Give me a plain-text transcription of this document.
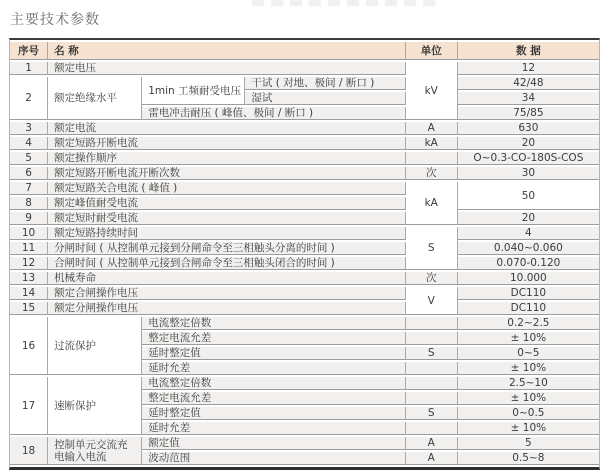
主要技术参数
序号	名 称			单位	数 据
1	额定电压			kV	12
2	额定绝缘水平	1min 工频耐受电压	干试 ( 对地、极间 / 断口 )		42/48
			湿试		34
		雷电冲击耐压 ( 峰值、极间 / 断口 )			75/85
3	额定电流			A	630
4	额定短路开断电流			kA	20
5	额定操作顺序				O~0.3-CO-180S-COS
6	额定短路开断电流开断次数			次	30
7	额定短路关合电流 ( 峰值 )			kA	50
8	额定峰值耐受电流				
9	额定短时耐受电流				20
10	额定短路持续时间			S	4
11	分闸时间 ( 从控制单元接到分闸命令至三相触头分离的时间 )				0.040~0.060
12	合闸时间 ( 从控制单元接到合闸命令至三相触头闭合的时间 )				0.070-0.120
13	机械寿命			次	10.000
14	额定合闸操作电压			V	DC110
15	额定分闸操作电压				DC110
16	过流保护	电流整定倍数			0.2~2.5
		整定电流允差			± 10%
		延时整定值		S	0~5
		延时允差			± 10%
17	速断保护	电流整定倍数			2.5~10
		整定电流允差			± 10%
		延时整定值		S	0~0.5
		延时允差			± 10%
18	控制单元交流充电输入电流	额定值		A	5
		波动范围		A	0.5~8
